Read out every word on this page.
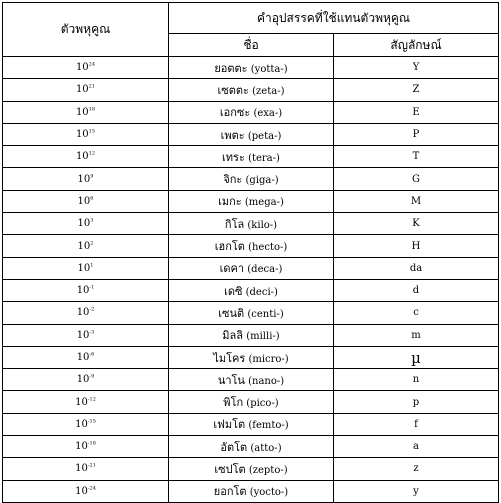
ตัวพหุคูณ	คำอุปสรรคที่ใช้แทนตัวพหุคูณ	
	ชื่อ	สัญลักษณ์
$10^{24}$	ยอตตะ (yotta-)	Y
$10^{21}$	เซตตะ (zeta-)	Z
$10^{18}$	เอกซะ (exa-)	E
$10^{15}$	เพตะ (peta-)	P
$10^{12}$	เทระ (tera-)	T
$10^9$	จิกะ (giga-)	G
$10^6$	เมกะ (mega-)	M
$10^3$	กิโล (kilo-)	K
$10^2$	เฮกโต (hecto-)	H
$10^1$	เดคา (deca-)	da
$10^{-1}$	เดซิ (deci-)	d
$10^{-2}$	เซนติ (centi-)	c
$10^{-3}$	มิลลิ (milli-)	m
$10^{-6}$	ไมโคร (micro-)	µ
$10^{-9}$	นาโน (nano-)	n
$10^{-12}$	พิโก (pico-)	p
$10^{-15}$	เฟมโต (femto-)	f
$10^{-18}$	อัตโต (atto-)	a
$10^{-21}$	เซปโต (zepto-)	z
$10^{-24}$	ยอกโต (yocto-)	y
